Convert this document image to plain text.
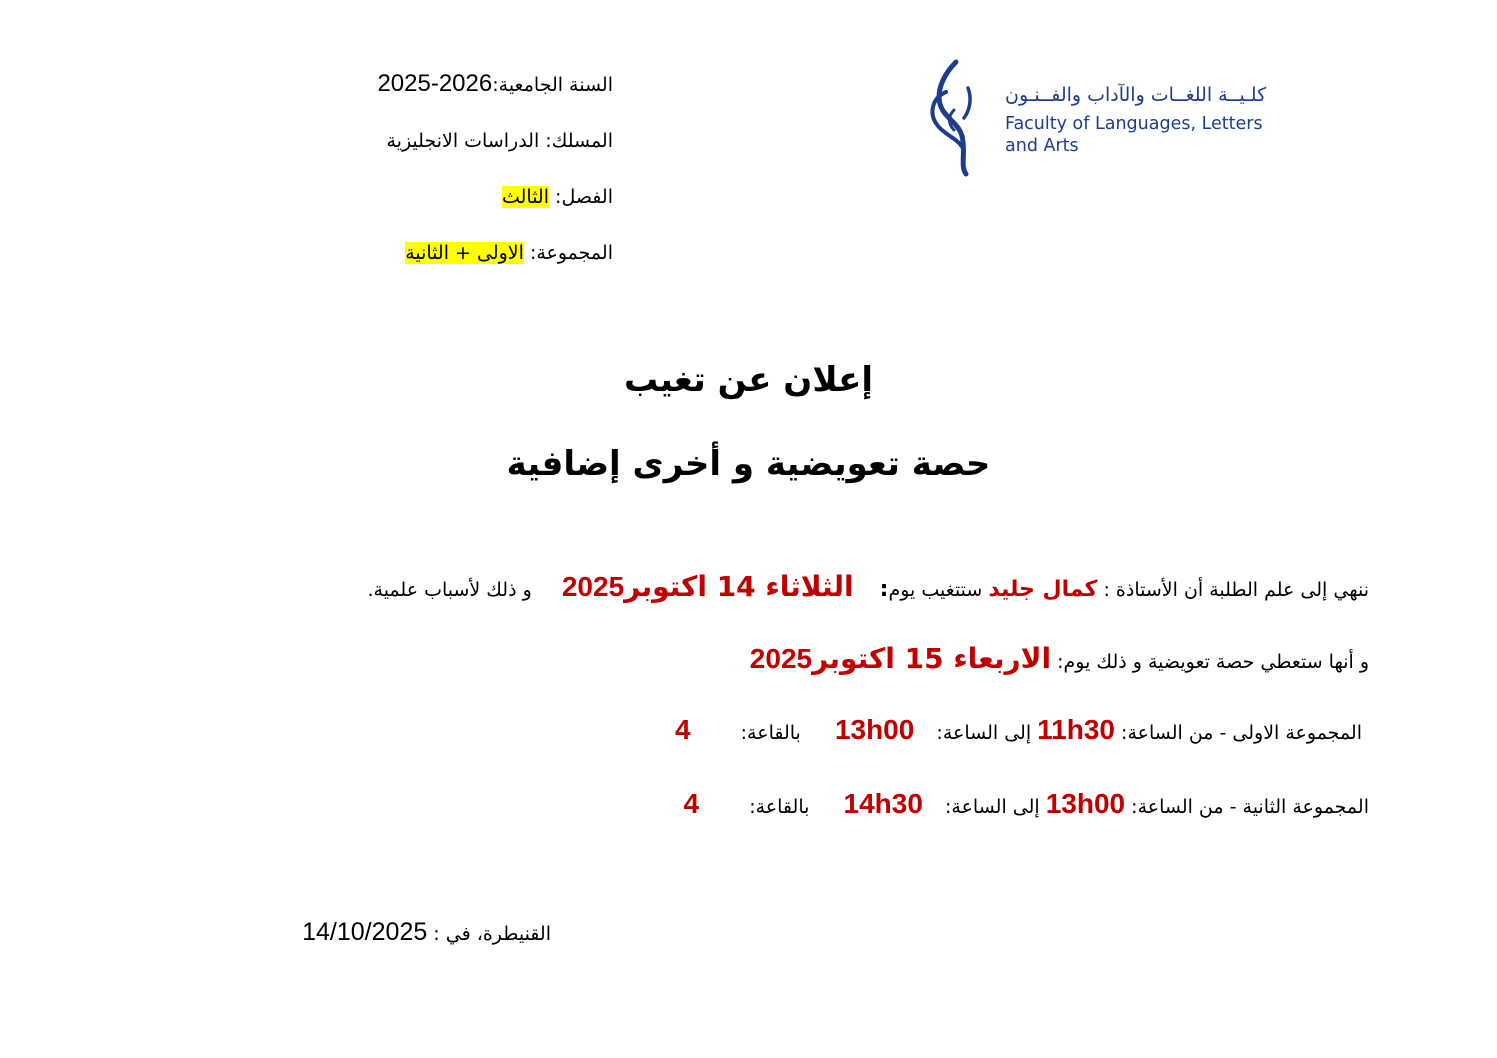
كلـيــة اللغــات والآداب والفــنـون
Faculty of Languages, Letters
and Arts
السنة الجامعية:2025-2026
المسلك: الدراسات الانجليزية
الفصل: الثالث
المجموعة: الاولى + الثانية
إعلان عن تغيب
حصة تعويضية و أخرى إضافية
ننهي إلى علم الطلبة أن الأستاذة : كمال جليد ستتغيب يوم:  الثلاثاء 14 اكتوبر2025  و ذلك لأسباب علمية.
و أنها ستعطي حصة تعويضية و ذلك يوم: الاربعاء 15 اكتوبر2025
المجموعة الاولى - من الساعة: 11h30 إلى الساعة:  13h00  بالقاعة:  4
المجموعة الثانية - من الساعة: 13h00 إلى الساعة:  14h30  بالقاعة:  4
القنيطرة، في : 14/10/2025
